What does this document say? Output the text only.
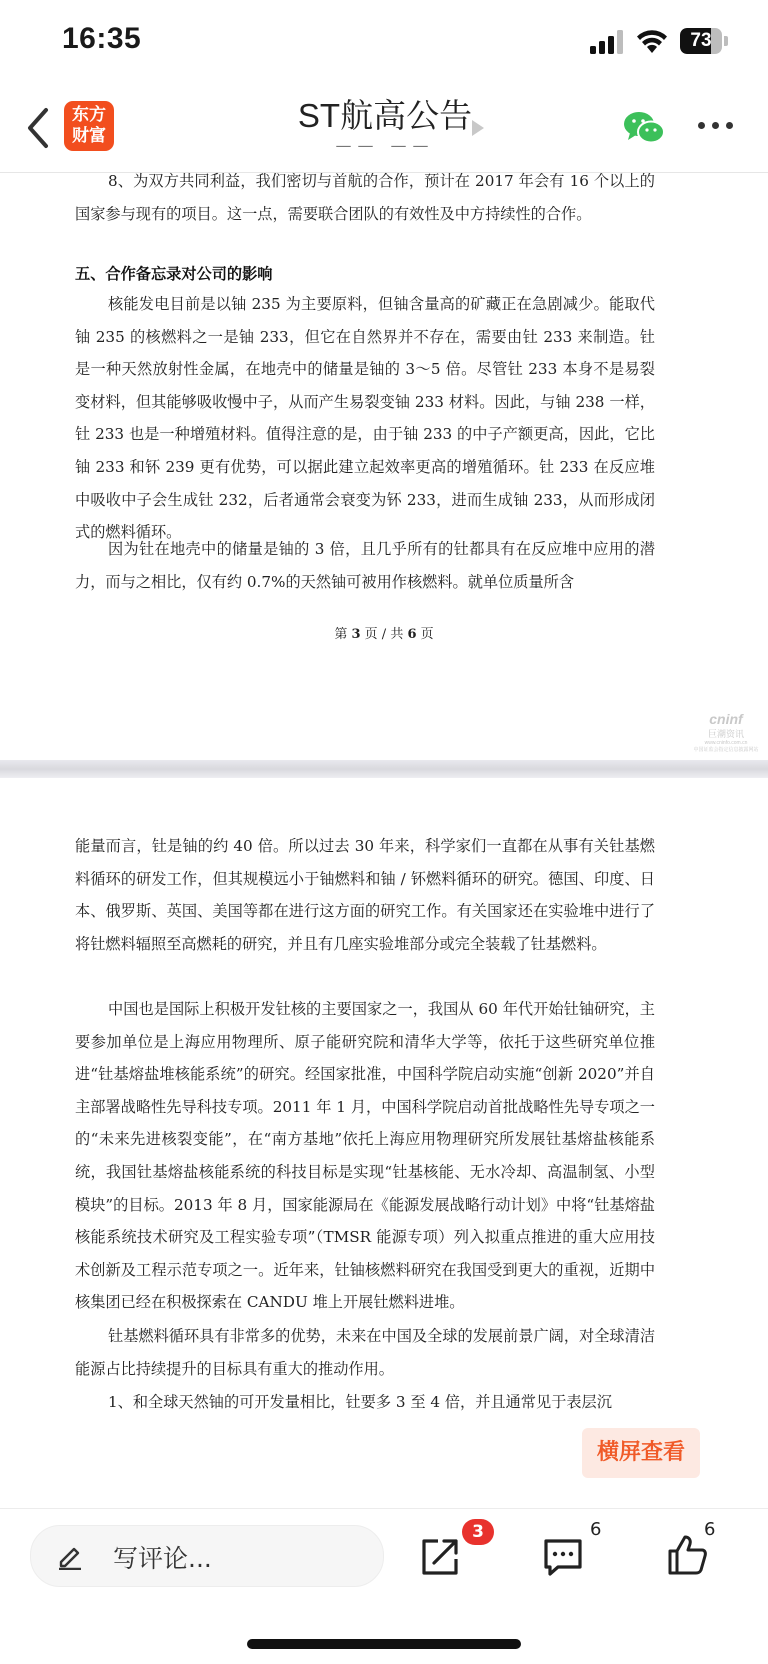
16:35	73
东方
财富
ST航高公告
—— ——
8、为双方共同利益，我们密切与首航的合作，预计在 2017 年会有 16 个以上的国家参与现有的项目。这一点，需要联合团队的有效性及中方持续性的合作。
五、合作备忘录对公司的影响
核能发电目前是以铀 235 为主要原料，但铀含量高的矿藏正在急剧减少。能取代铀 235 的核燃料之一是铀 233，但它在自然界并不存在，需要由钍 233 来制造。钍是一种天然放射性金属，在地壳中的储量是铀的 3～5 倍。尽管钍 233 本身不是易裂变材料，但其能够吸收慢中子，从而产生易裂变铀 233 材料。因此，与铀 238 一样，钍 233 也是一种增殖材料。值得注意的是，由于铀 233 的中子产额更高，因此，它比铀 233 和钚 239 更有优势，可以据此建立起效率更高的增殖循环。钍 233 在反应堆中吸收中子会生成钍 232，后者通常会衰变为钚 233，进而生成铀 233，从而形成闭式的燃料循环。
因为钍在地壳中的储量是铀的 3 倍，且几乎所有的钍都具有在反应堆中应用的潜力，而与之相比，仅有约 0.7%的天然铀可被用作核燃料。就单位质量所含
第 3 页 / 共 6 页
cninf
巨潮资讯
www.cninfo.com.cn
中国证监会指定信息披露网站
能量而言，钍是铀的约 40 倍。所以过去 30 年来，科学家们一直都在从事有关钍基燃料循环的研发工作，但其规模远小于铀燃料和铀 / 钚燃料循环的研究。德国、印度、日本、俄罗斯、英国、美国等都在进行这方面的研究工作。有关国家还在实验堆中进行了将钍燃料辐照至高燃耗的研究，并且有几座实验堆部分或完全装载了钍基燃料。
中国也是国际上积极开发钍核的主要国家之一，我国从 60 年代开始钍铀研究，主要参加单位是上海应用物理所、原子能研究院和清华大学等，依托于这些研究单位推进“钍基熔盐堆核能系统”的研究。经国家批准，中国科学院启动实施“创新 2020”并自主部署战略性先导科技专项。2011 年 1 月，中国科学院启动首批战略性先导专项之一的“未来先进核裂变能”，在“南方基地”依托上海应用物理研究所发展钍基熔盐核能系统，我国钍基熔盐核能系统的科技目标是实现“钍基核能、无水冷却、高温制氢、小型模块”的目标。2013 年 8 月，国家能源局在《能源发展战略行动计划》中将“钍基熔盐核能系统技术研究及工程实验专项”（TMSR 能源专项）列入拟重点推进的重大应用技术创新及工程示范专项之一。近年来，钍铀核燃料研究在我国受到更大的重视，近期中核集团已经在积极探索在 CANDU 堆上开展钍燃料进堆。
钍基燃料循环具有非常多的优势，未来在中国及全球的发展前景广阔，对全球清洁能源占比持续提升的目标具有重大的推动作用。
1、和全球天然铀的可开发量相比，钍要多 3 至 4 倍，并且通常见于表层沉
横屏查看
写评论...
3	6	6
